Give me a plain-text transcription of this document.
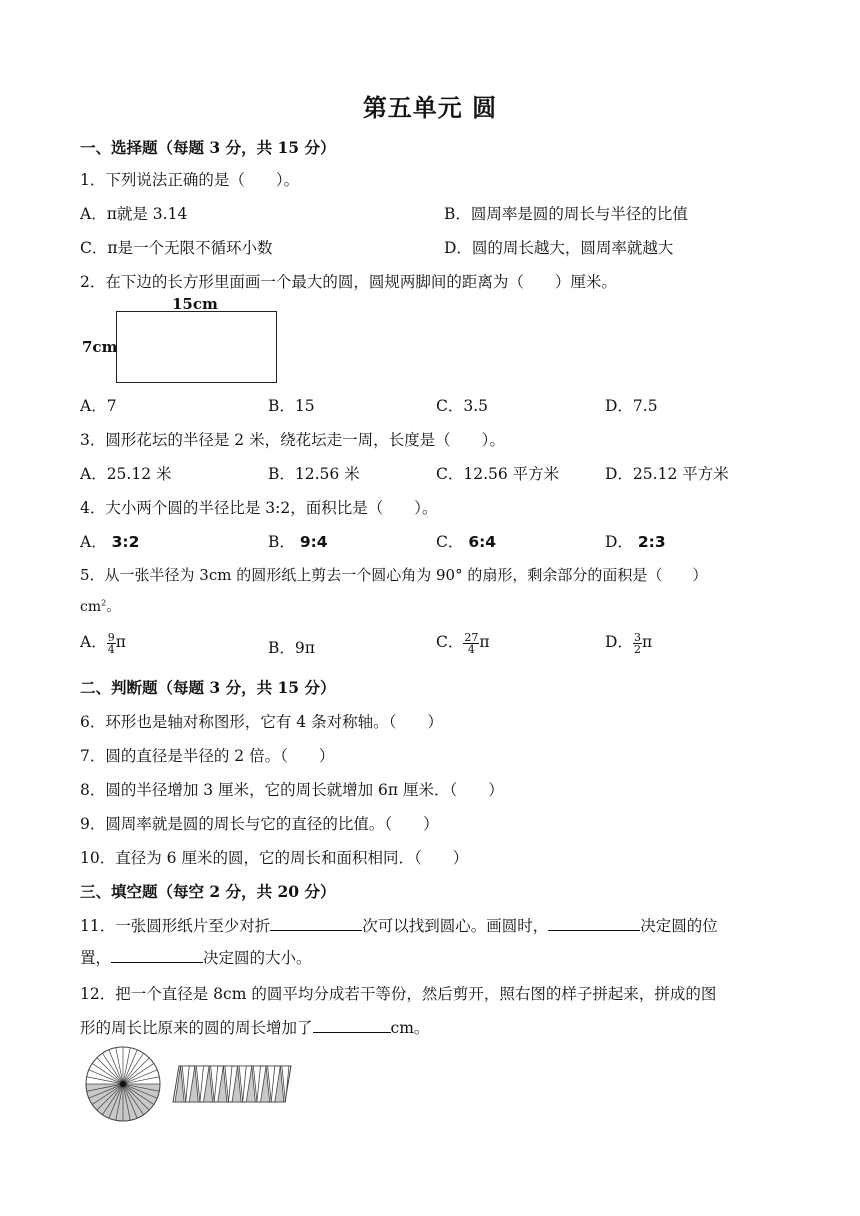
第五单元 圆
一、选择题（每题 3 分，共 15 分）
1．下列说法正确的是（　　）。
A．π就是 3.14	B．圆周率是圆的周长与半径的比值
C．π是一个无限不循环小数	D．圆的周长越大，圆周率就越大
2．在下边的长方形里面画一个最大的圆，圆规两脚间的距离为（　　）厘米。
15cm
7cm
A．7	B．15	C．3.5	D．7.5
3．圆形花坛的半径是 2 米，绕花坛走一周，长度是（　　）。
A．25.12 米	B．12.56 米	C．12.56 平方米	D．25.12 平方米
4．大小两个圆的半径比是 3:2，面积比是（　　）。
A． 3:2	B． 9:4	C． 6:4	D． 2:3
5．从一张半径为 3cm 的圆形纸上剪去一个圆心角为 90° 的扇形，剩余部分的面积是（　　）
$cm^2$。
A． $\frac{9}{4}$ π	B．9π	C． $\frac{27}{4}$ π	D． $\frac{3}{2}$ π
二、判断题（每题 3 分，共 15 分）
6．环形也是轴对称图形，它有 4 条对称轴。（　　）
7．圆的直径是半径的 2 倍。（　　）
8．圆的半径增加 3 厘米，它的周长就增加 6π 厘米．（　　）
9．圆周率就是圆的周长与它的直径的比值。（　　）
10．直径为 6 厘米的圆，它的周长和面积相同．（　　）
三、填空题（每空 2 分，共 20 分）
11．一张圆形纸片至少对折	次可以找到圆心。画圆时，	决定圆的位
置，	决定圆的大小。
12．把一个直径是 8cm 的圆平均分成若干等份，然后剪开，照右图的样子拼起来，拼成的图
形的周长比原来的圆的周长增加了	cm。
